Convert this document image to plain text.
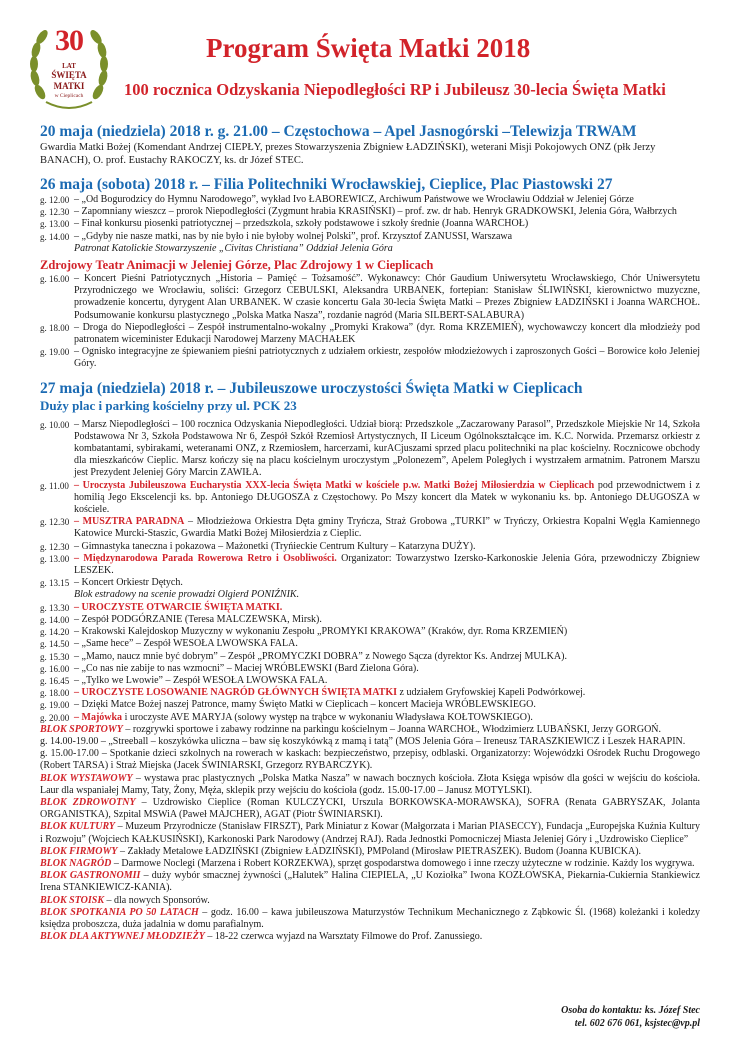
30
LAT
ŚWIĘTA
MATKI
w Cieplicach
Program Święta Matki 2018
100 rocznica Odzyskania Niepodległości RP i Jubileusz 30-lecia Święta Matki
20 maja (niedziela) 2018 r. g. 21.00 – Częstochowa – Apel Jasnogórski –Telewizja TRWAM
Gwardia Matki Bożej (Komendant Andrzej CIEPŁY, prezes Stowarzyszenia Zbigniew ŁADZIŃSKI), weterani Misji Pokojowych ONZ (płk Jerzy BANACH), O. prof. Eustachy RAKOCZY, ks. dr Józef STEC.
26 maja (sobota) 2018 r. – Filia Politechniki Wrocławskiej, Cieplice, Plac Piastowski 27
g. 12.00 – „Od Bogurodzicy do Hymnu Narodowego”, wykład Ivo ŁABOREWICZ, Archiwum Państwowe we Wrocławiu Oddział w Jeleniej Górze
g. 12.30 – Zapomniany wieszcz – prorok Niepodległości (Zygmunt hrabia KRASIŃSKI) – prof. zw. dr hab. Henryk GRADKOWSKI, Jelenia Góra, Wałbrzych
g. 13.00 – Finał konkursu piosenki patriotycznej – przedszkola, szkoły podstawowe i szkoły średnie (Joanna WARCHOŁ)
g. 14.00 – „Gdyby nie nasze matki, nas by nie było i nie byłoby wolnej Polski”, prof. Krzysztof ZANUSSI, Warszawa
Patronat Katolickie Stowarzyszenie „Civitas Christiana” Oddział Jelenia Góra
Zdrojowy Teatr Animacji w Jeleniej Górze, Plac Zdrojowy 1 w Cieplicach
g. 16.00 – Koncert Pieśni Patriotycznych „Historia – Pamięć – Tożsamość”. Wykonawcy: Chór Gaudium Uniwersytetu Wrocławskiego, Chór Uniwersytetu Przyrodniczego we Wrocławiu, soliści: Grzegorz CEBULSKI, Aleksandra URBANEK, fortepian: Stanisław ŚLIWIŃSKI, kierownictwo muzyczne, prowadzenie koncertu, dyrygent Alan URBANEK. W czasie koncertu Gala 30-lecia Święta Matki – Prezes Zbigniew ŁADZIŃSKI i Joanna WARCHOŁ. Podsumowanie konkursu plastycznego „Polska Matka Nasza”, rozdanie nagród (Maria SILBERT-SALABURA)
g. 18.00 – Droga do Niepodległości – Zespół instrumentalno-wokalny „Promyki Krakowa” (dyr. Roma KRZEMIEŃ), wychowawczy koncert dla młodzieży pod patronatem wiceminister Edukacji Narodowej Marzeny MACHAŁEK
g. 19.00 – Ognisko integracyjne ze śpiewaniem pieśni patriotycznych z udziałem orkiestr, zespołów młodzieżowych i zaproszonych Gości – Borowice koło Jeleniej Góry.
27 maja (niedziela) 2018 r. – Jubileuszowe uroczystości Święta Matki w Cieplicach
Duży plac i parking kościelny przy ul. PCK 23
g. 10.00 – Marsz Niepodległości – 100 rocznica Odzyskania Niepodległości. Udział biorą: Przedszkole „Zaczarowany Parasol”, Przedszkole Miejskie Nr 14, Szkoła Podstawowa Nr 3, Szkoła Podstawowa Nr 6, Zespół Szkół Rzemiosł Artystycznych, II Liceum Ogólnokształcące im. K.C. Norwida. Przemarsz orkiestr z kombatantami, sybirakami, weteranami ONZ, z Rzemiosłem, harcerzami, kurACjuszami sprzed placu politechniki na plac kościelny. Rocznicowe obchody dla mieszkańców Cieplic. Marsz kończy się na placu kościelnym uroczystym „Polonezem”, Apelem Poległych i wystrzałem armatnim. Patronem Marszu jest Prezydent Jeleniej Góry Marcin ZAWIŁA.
g. 11.00 – Uroczysta Jubileuszowa Eucharystia XXX-lecia Święta Matki w kościele p.w. Matki Bożej Miłosierdzia w Cieplicach pod przewodnictwem i z homilią Jego Ekscelencji ks. bp. Antoniego DŁUGOSZA z Częstochowy. Po Mszy koncert dla Matek w wykonaniu ks. bp. Antoniego DŁUGOSZA w kościele.
g. 12.30 – MUSZTRA PARADNA – Młodzieżowa Orkiestra Dęta gminy Tryńcza, Straż Grobowa „TURKI” w Tryńczy, Orkiestra Kopalni Węgla Kamiennego Katowice Murcki-Staszic, Gwardia Matki Bożej Miłosierdzia z Cieplic.
g. 12.30 – Gimnastyka taneczna i pokazowa – Mażonetki (Tryńieckie Centrum Kultury – Katarzyna DUŻY).
g. 13.00 – Międzynarodowa Parada Rowerowa Retro i Osobliwości. Organizator: Towarzystwo Izersko-Karkonoskie Jelenia Góra, przewodniczy Zbigniew LESZEK.
g. 13.15 – Koncert Orkiestr Dętych.
Blok estradowy na scenie prowadzi Olgierd PONIŹNIK.
g. 13.30 – UROCZYSTE OTWARCIE ŚWIĘTA MATKI.
g. 14.00 – Zespół PODGÓRZANIE (Teresa MALCZEWSKA, Mirsk).
g. 14.20 – Krakowski Kalejdoskop Muzyczny w wykonaniu Zespołu „PROMYKI KRAKOWA” (Kraków, dyr. Roma KRZEMIEŃ)
g. 14.50 – „Same hece” – Zespół WESOŁA LWOWSKA FALA.
g. 15.30 – „Mamo, naucz mnie być dobrym” – Zespół „PROMYCZKI DOBRA” z Nowego Sącza (dyrektor Ks. Andrzej MULKA).
g. 16.00 – „Co nas nie zabije to nas wzmocni” – Maciej WRÓBLEWSKI (Bard Zielona Góra).
g. 16.45 – „Tylko we Lwowie” – Zespół WESOŁA LWOWSKA FALA.
g. 18.00 – UROCZYSTE LOSOWANIE NAGRÓD GŁÓWNYCH ŚWIĘTA MATKI z udziałem Gryfowskiej Kapeli Podwórkowej.
g. 19.00 – Dzięki Matce Bożej naszej Patronce, mamy Święto Matki w Cieplicach – koncert Macieja WRÓBLEWSKIEGO.
g. 20.00 – Majówka i uroczyste AVE MARYJA (solowy występ na trąbce w wykonaniu Władysława KOŁTOWSKIEGO).
BLOK SPORTOWY – rozgrywki sportowe i zabawy rodzinne na parkingu kościelnym – Joanna WARCHOŁ, Włodzimierz LUBAŃSKI, Jerzy GORGOŃ.
g. 14.00-19.00 – „Streeball – koszykówka uliczna – baw się koszykówką z mamą i tatą” (MOS Jelenia Góra – Ireneusz TARASZKIEWICZ i Leszek HARAPIN.
g. 15.00-17.00 – Spotkanie dzieci szkolnych na rowerach w kaskach: bezpieczeństwo, przepisy, odblaski. Organizatorzy: Wojewódzki Ośrodek Ruchu Drogowego (Robert TARSA) i Straż Miejska (Jacek ŚWINIARSKI, Grzegorz RYBARCZYK).
BLOK WYSTAWOWY – wystawa prac plastycznych „Polska Matka Nasza” w nawach bocznych kościoła. Złota Księga wpisów dla gości w wejściu do kościoła. Laur dla wspaniałej Mamy, Taty, Żony, Męża, sklepik przy wejściu do kościoła (godz. 15.00-17.00 – Janusz MOTYLSKI).
BLOK ZDROWOTNY – Uzdrowisko Cieplice (Roman KULCZYCKI, Urszula BORKOWSKA-MORAWSKA), SOFRA (Renata GABRYSZAK, Jolanta ORGANISTKA), Szpital MSWiA (Paweł MAJCHER), AGAT (Piotr ŚWINIARSKI).
BLOK KULTURY – Muzeum Przyrodnicze (Stanisław FIRSZT), Park Miniatur z Kowar (Małgorzata i Marian PIASECCY), Fundacja „Europejska Kuźnia Kultury i Rozwoju” (Wojciech KAŁKUSIŃSKI), Karkonoski Park Narodowy (Andrzej RAJ). Rada Jednostki Pomocniczej Miasta Jeleniej Góry i „Uzdrowisko Cieplice”
BLOK FIRMOWY – Zakłady Metalowe ŁADZIŃSKI (Zbigniew ŁADZIŃSKI), PMPoland (Mirosław PIETRASZEK). Budom (Joanna KUBICKA).
BLOK NAGRÓD – Darmowe Noclegi (Marzena i Robert KORZEKWA), sprzęt gospodarstwa domowego i inne rzeczy użyteczne w rodzinie. Każdy los wygrywa.
BLOK GASTRONOMII – duży wybór smacznej żywności („Halutek” Halina CIEPIELA, „U Koziołka” Iwona KOZŁOWSKA, Piekarnia-Cukiernia Stankiewicz Irena STANKIEWICZ-KANIA).
BLOK STOISK – dla nowych Sponsorów.
BLOK SPOTKANIA PO 50 LATACH – godz. 16.00 – kawa jubileuszowa Maturzystów Technikum Mechanicznego z Ząbkowic Śl. (1968) koleżanki i koledzy księdza proboszcza, duża jadalnia w domu parafialnym.
BLOK DLA AKTYWNEJ MŁODZIEŻY – 18-22 czerwca wyjazd na Warsztaty Filmowe do Prof. Zanussiego.
Osoba do kontaktu: ks. Józef Stec
tel. 602 676 061, ksjstec@vp.pl
